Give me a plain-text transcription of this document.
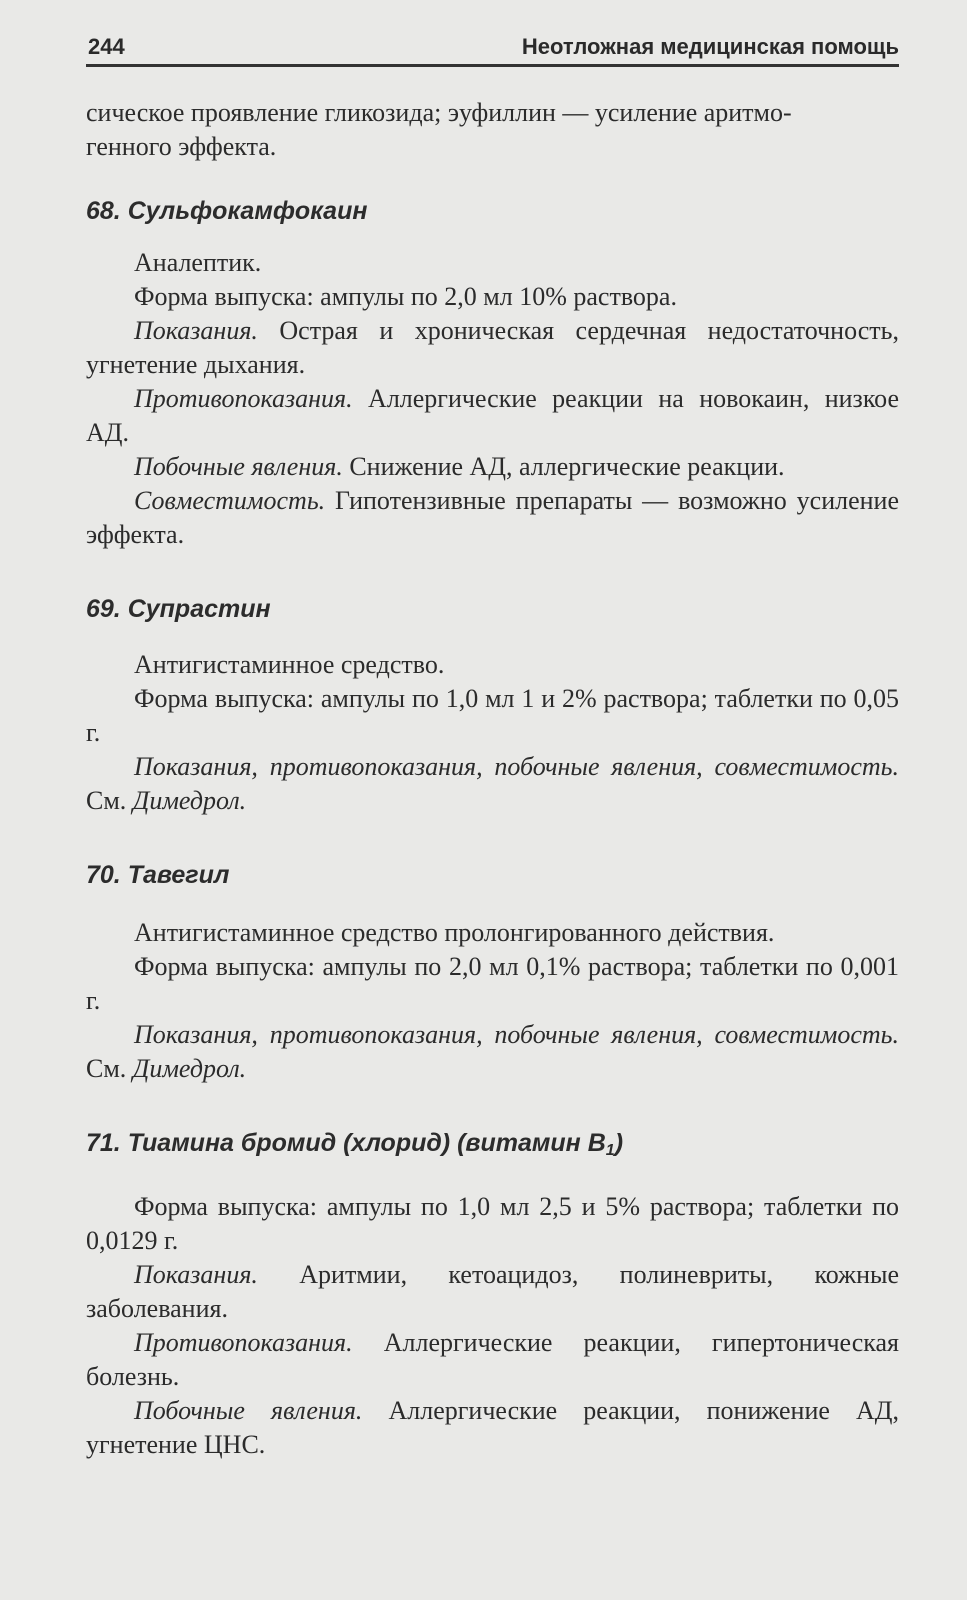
244	Неотложная медицинская помощь

сическое проявление гликозида; эуфиллин — усиление аритмо-
генного эффекта.

68. Сульфокамфокаин

Аналептик.

Форма выпуска: ампулы по 2,0 мл 10% раствора.

Показания. Острая и хроническая сердечная недостаточность, угнетение дыхания.

Противопоказания. Аллергические реакции на новокаин, низкое АД.

Побочные явления. Снижение АД, аллергические реакции.

Совместимость. Гипотензивные препараты — возможно усиление эффекта.

69. Супрастин

Антигистаминное средство.

Форма выпуска: ампулы по 1,0 мл 1 и 2% раствора; таблетки по 0,05 г.

Показания, противопоказания, побочные явления, совместимость. См. Димедрол.

70. Тавегил

Антигистаминное средство пролонгированного действия.

Форма выпуска: ампулы по 2,0 мл 0,1% раствора; таблетки по 0,001 г.

Показания, противопоказания, побочные явления, совместимость. См. Димедрол.

71. Тиамина бромид (хлорид) (витамин $B_1$)

Форма выпуска: ампулы по 1,0 мл 2,5 и 5% раствора; таблетки по 0,0129 г.

Показания. Аритмии, кетоацидоз, полиневриты, кожные заболевания.

Противопоказания. Аллергические реакции, гипертоническая болезнь.

Побочные явления. Аллергические реакции, понижение АД, угнетение ЦНС.
